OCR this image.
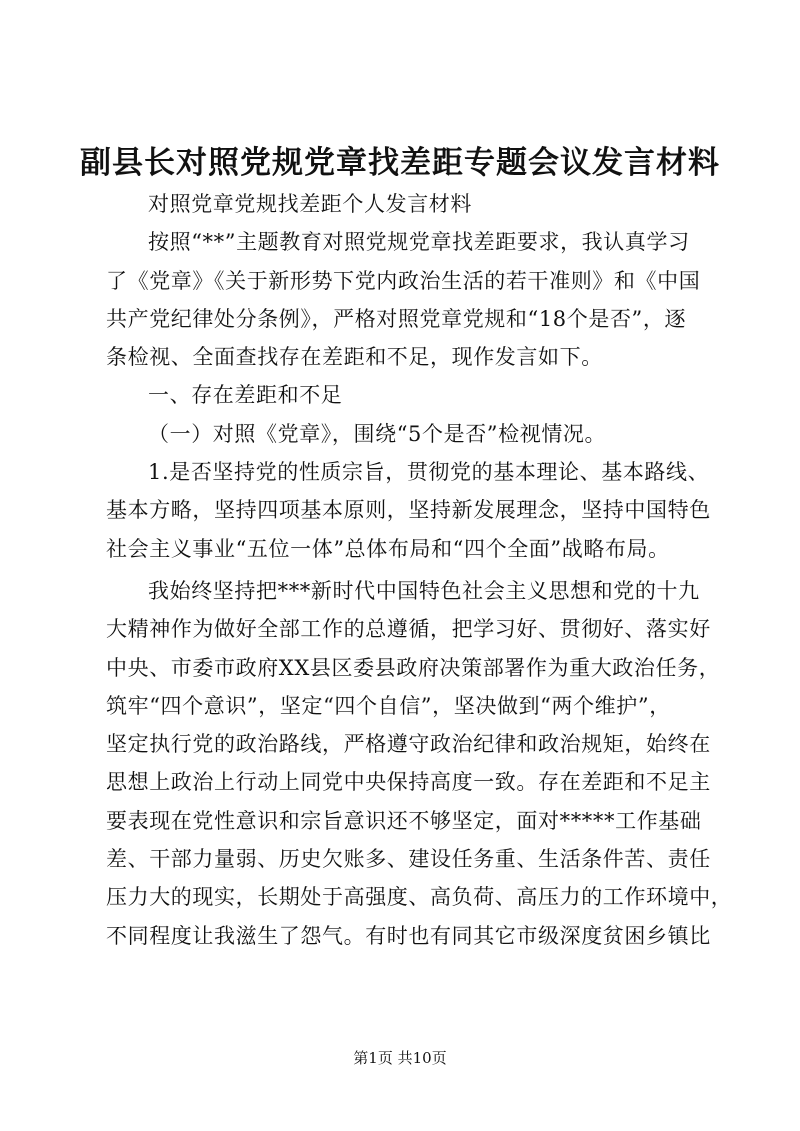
副县长对照党规党章找差距专题会议发言材料

对照党章党规找差距个人发言材料

按照“**”主题教育对照党规党章找差距要求，我认真学习
了《党章》《关于新形势下党内政治生活的若干准则》和《中国
共产党纪律处分条例》，严格对照党章党规和“18个是否”，逐
条检视、全面查找存在差距和不足，现作发言如下。

一、存在差距和不足

（一）对照《党章》，围绕“5个是否”检视情况。

1.是否坚持党的性质宗旨，贯彻党的基本理论、基本路线、
基本方略，坚持四项基本原则，坚持新发展理念，坚持中国特色
社会主义事业“五位一体”总体布局和“四个全面”战略布局。

我始终坚持把***新时代中国特色社会主义思想和党的十九
大精神作为做好全部工作的总遵循，把学习好、贯彻好、落实好
中央、市委市政府XX县区委县政府决策部署作为重大政治任务，
筑牢“四个意识”，坚定“四个自信”，坚决做到“两个维护”，
坚定执行党的政治路线，严格遵守政治纪律和政治规矩，始终在
思想上政治上行动上同党中央保持高度一致。存在差距和不足主
要表现在党性意识和宗旨意识还不够坚定，面对*****工作基础
差、干部力量弱、历史欠账多、建设任务重、生活条件苦、责任
压力大的现实，长期处于高强度、高负荷、高压力的工作环境中，
不同程度让我滋生了怨气。有时也有同其它市级深度贫困乡镇比

第1页 共10页
